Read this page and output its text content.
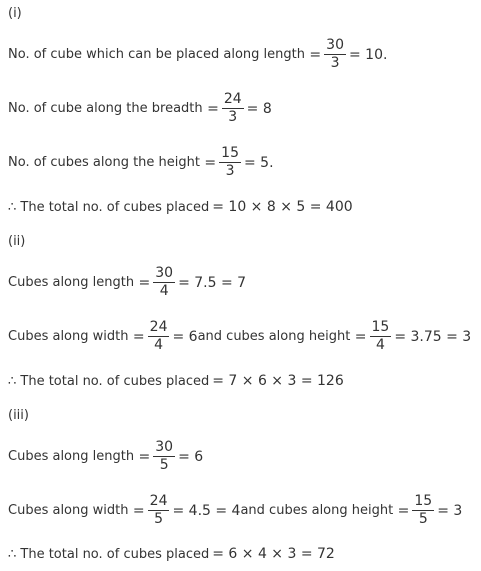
(i)
No. of cube which can be placed along length = $\frac{30}{3} = 10$.
No. of cube along the breadth = $\frac{24}{3} = 8$
No. of cubes along the height = $\frac{15}{3} = 5$.
∴ The total no. of cubes placed = 10 × 8 × 5 = 400
(ii)
Cubes along length = $\frac{30}{4} = 7.5 = 7$
Cubes along width = $\frac{24}{4} = 6$ and cubes along height = $\frac{15}{4} = 3.75 = 3$
∴ The total no. of cubes placed = 7 × 6 × 3 = 126
(iii)
Cubes along length = $\frac{30}{5} = 6$
Cubes along width = $\frac{24}{5} = 4.5 = 4$ and cubes along height = $\frac{15}{5} = 3$
∴ The total no. of cubes placed = 6 × 4 × 3 = 72
